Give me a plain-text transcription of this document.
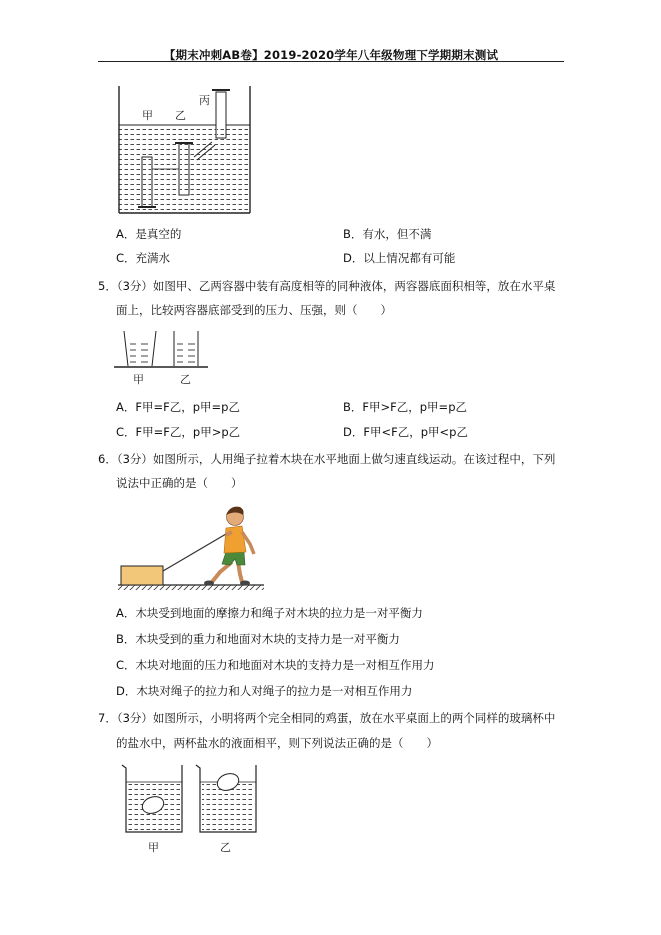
【期末冲刺AB卷】2019-2020学年八年级物理下学期期末测试
甲 乙
丙
A．是真空的	B．有水，但不满
C．充满水	D．以上情况都有可能
5．（3分）如图甲、乙两容器中装有高度相等的同种液体，两容器底面积相等，放在水平桌
面上，比较两容器底部受到的压力、压强，则（　　）
甲	乙
A．F甲=F乙，p甲=p乙	B．F甲>F乙，p甲=p乙
C．F甲=F乙，p甲>p乙	D．F甲<F乙，p甲<p乙
6．（3分）如图所示，人用绳子拉着木块在水平地面上做匀速直线运动。在该过程中，下列
说法中正确的是（　　）
A．木块受到地面的摩擦力和绳子对木块的拉力是一对平衡力
B．木块受到的重力和地面对木块的支持力是一对平衡力
C．木块对地面的压力和地面对木块的支持力是一对相互作用力
D．木块对绳子的拉力和人对绳子的拉力是一对相互作用力
7．（3分）如图所示，小明将两个完全相同的鸡蛋，放在水平桌面上的两个同样的玻璃杯中
的盐水中，两杯盐水的液面相平，则下列说法正确的是（　　）
甲	乙
